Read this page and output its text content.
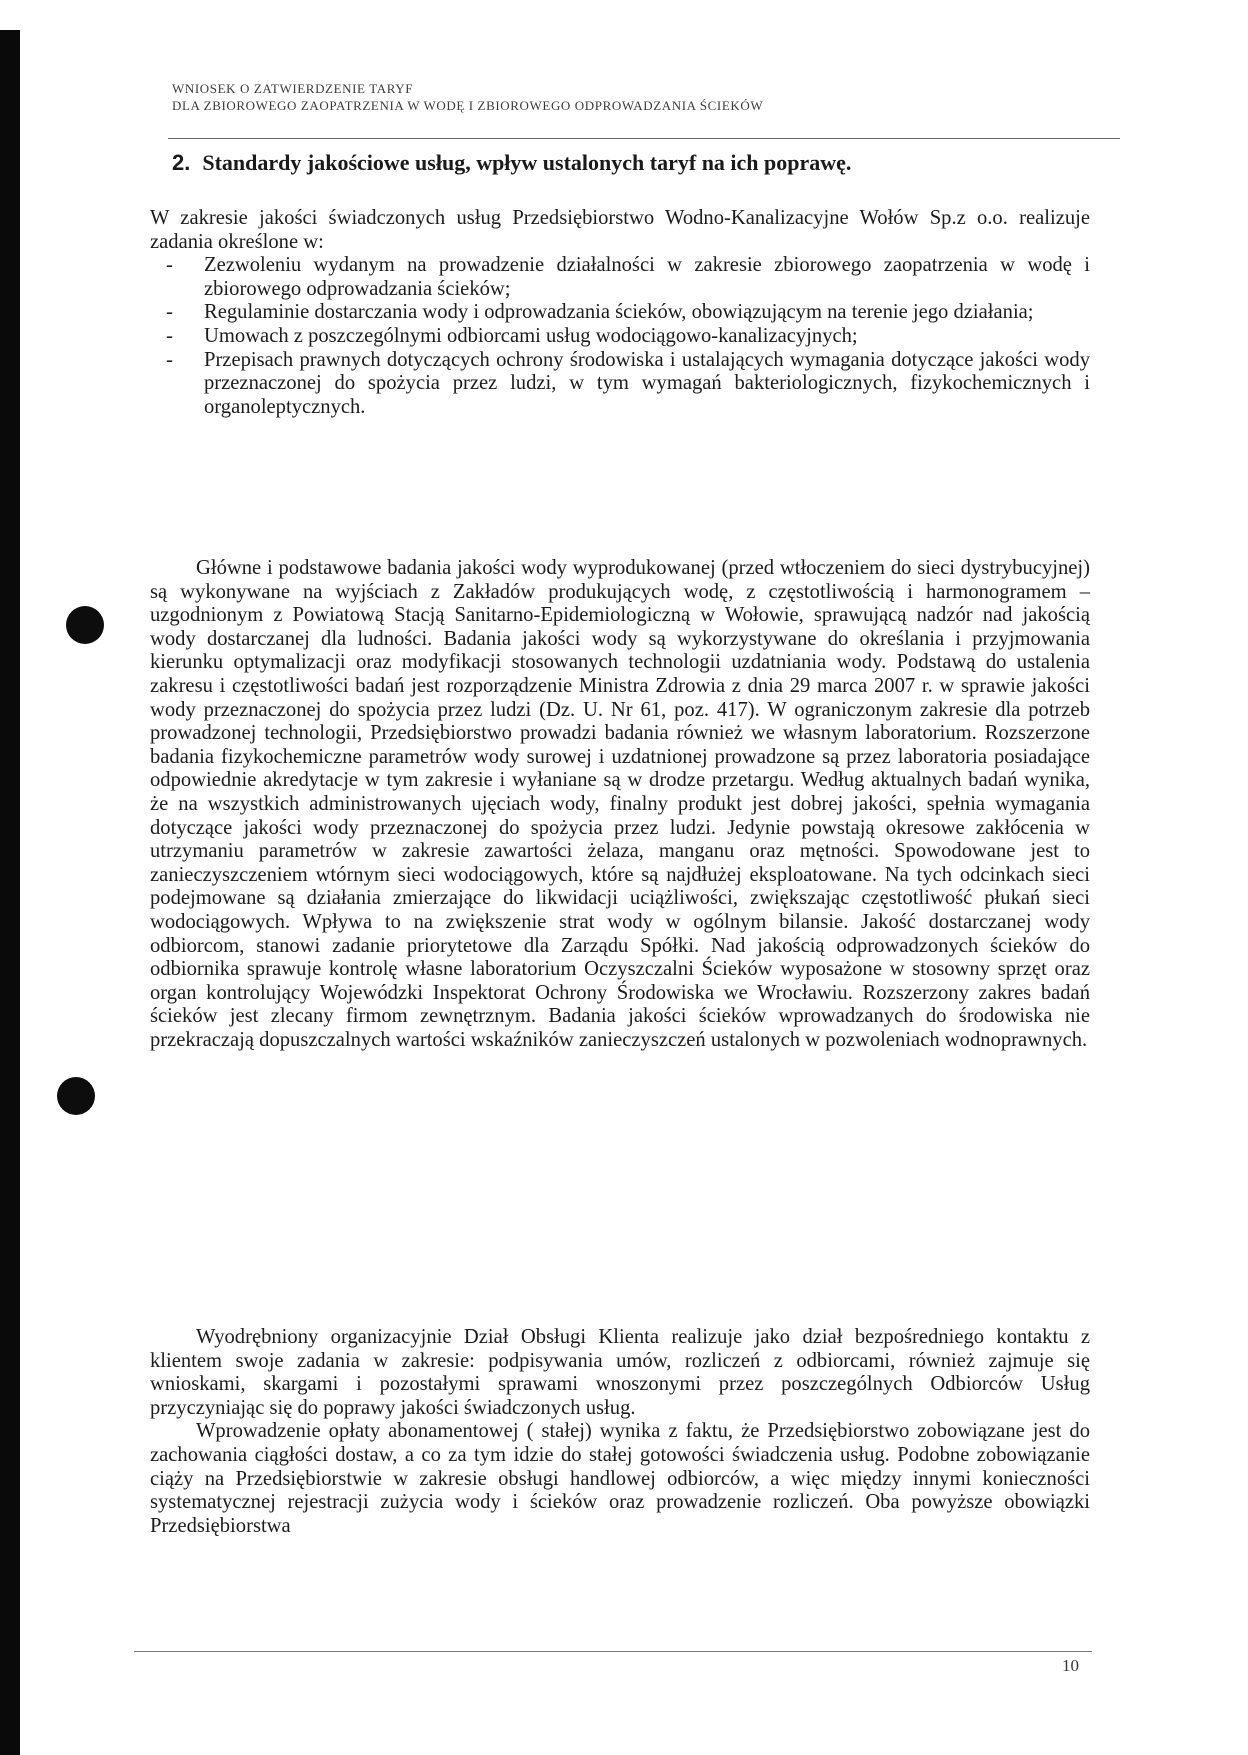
WNIOSEK O ZATWIERDZENIE TARYF
DLA ZBIOROWEGO ZAOPATRZENIA W WODĘ I ZBIOROWEGO ODPROWADZANIA ŚCIEKÓW
2. Standardy jakościowe usług, wpływ ustalonych taryf na ich poprawę.

W zakresie jakości świadczonych usług Przedsiębiorstwo Wodno-Kanalizacyjne Wołów Sp.z o.o. realizuje zadania określone w:

- Zezwoleniu wydanym na prowadzenie działalności w zakresie zbiorowego zaopatrzenia w wodę i zbiorowego odprowadzania ścieków;
- Regulaminie dostarczania wody i odprowadzania ścieków, obowiązującym na terenie jego działania;
- Umowach z poszczególnymi odbiorcami usług wodociągowo-kanalizacyjnych;
- Przepisach prawnych dotyczących ochrony środowiska i ustalających wymagania dotyczące jakości wody przeznaczonej do spożycia przez ludzi, w tym wymagań bakteriologicznych, fizykochemicznych i organoleptycznych.

Główne i podstawowe badania jakości wody wyprodukowanej (przed wtłoczeniem do sieci dystrybucyjnej) są wykonywane na wyjściach z Zakładów produkujących wodę, z częstotliwością i harmonogramem – uzgodnionym z Powiatową Stacją Sanitarno-Epidemiologiczną w Wołowie, sprawującą nadzór nad jakością wody dostarczanej dla ludności. Badania jakości wody są wykorzystywane do określania i przyjmowania kierunku optymalizacji oraz modyfikacji stosowanych technologii uzdatniania wody. Podstawą do ustalenia zakresu i częstotliwości badań jest rozporządzenie Ministra Zdrowia z dnia 29 marca 2007 r. w sprawie jakości wody przeznaczonej do spożycia przez ludzi (Dz. U. Nr 61, poz. 417). W ograniczonym zakresie dla potrzeb prowadzonej technologii, Przedsiębiorstwo prowadzi badania również we własnym laboratorium. Rozszerzone badania fizykochemiczne parametrów wody surowej i uzdatnionej prowadzone są przez laboratoria posiadające odpowiednie akredytacje w tym zakresie i wyłaniane są w drodze przetargu. Według aktualnych badań wynika, że na wszystkich administrowanych ujęciach wody, finalny produkt jest dobrej jakości, spełnia wymagania dotyczące jakości wody przeznaczonej do spożycia przez ludzi. Jedynie powstają okresowe zakłócenia w utrzymaniu parametrów w zakresie zawartości żelaza, manganu oraz mętności. Spowodowane jest to zanieczyszczeniem wtórnym sieci wodociągowych, które są najdłużej eksploatowane. Na tych odcinkach sieci podejmowane są działania zmierzające do likwidacji uciążliwości, zwiększając częstotliwość płukań sieci wodociągowych. Wpływa to na zwiększenie strat wody w ogólnym bilansie. Jakość dostarczanej wody odbiorcom, stanowi zadanie priorytetowe dla Zarządu Spółki. Nad jakością odprowadzonych ścieków do odbiornika sprawuje kontrolę własne laboratorium Oczyszczalni Ścieków wyposażone w stosowny sprzęt oraz organ kontrolujący Wojewódzki Inspektorat Ochrony Środowiska we Wrocławiu. Rozszerzony zakres badań ścieków jest zlecany firmom zewnętrznym. Badania jakości ścieków wprowadzanych do środowiska nie przekraczają dopuszczalnych wartości wskaźników zanieczyszczeń ustalonych w pozwoleniach wodnoprawnych.

Wyodrębniony organizacyjnie Dział Obsługi Klienta realizuje jako dział bezpośredniego kontaktu z klientem swoje zadania w zakresie: podpisywania umów, rozliczeń z odbiorcami, również zajmuje się wnioskami, skargami i pozostałymi sprawami wnoszonymi przez poszczególnych Odbiorców Usług przyczyniając się do poprawy jakości świadczonych usług.

Wprowadzenie opłaty abonamentowej ( stałej) wynika z faktu, że Przedsiębiorstwo zobowiązane jest do zachowania ciągłości dostaw, a co za tym idzie do stałej gotowości świadczenia usług. Podobne zobowiązanie ciąży na Przedsiębiorstwie w zakresie obsługi handlowej odbiorców, a więc między innymi konieczności systematycznej rejestracji zużycia wody i ścieków oraz prowadzenie rozliczeń. Oba powyższe obowiązki Przedsiębiorstwa

10
